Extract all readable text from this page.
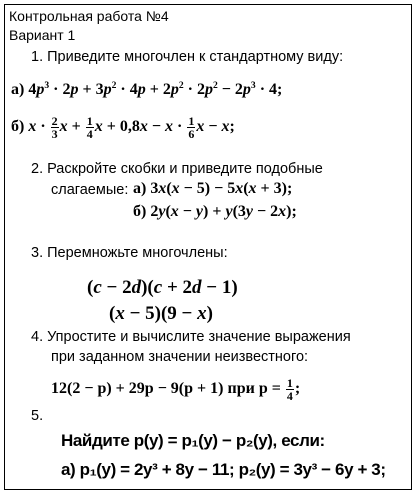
Контрольная работа №4
Вариант 1
1. Приведите многочлен к стандартному виду:
а) $4p^3 \cdot 2p + 3p^2 \cdot 4p + 2p^2 \cdot 2p^2 - 2p^3 \cdot 4$;
б) $x \cdot \frac{2}{3}$ $x + \frac{1}{4}$ $x + 0,8x - x \cdot \frac{1}{6}$ x − x;
2. Раскройте скобки и приведите подобные
слагаемые: а) 3x(x − 5) − 5x(x + 3);
б) 2y(x − y) + y(3y − 2x);
3. Перемножьте многочлены:
(c − 2d)(c + 2d − 1)
(x − 5)(9 − x)
4. Упростите и вычислите значение выражения
при заданном значении неизвестного:
12(2 − p) + 29p − 9(p + 1) при $p = \frac{1}{4}$ ;
5.
Найдите p(y) = p₁(y) − p₂(y), если:
а) p₁(y) = 2y³ + 8y − 11; p₂(y) = 3y³ − 6y + 3;
